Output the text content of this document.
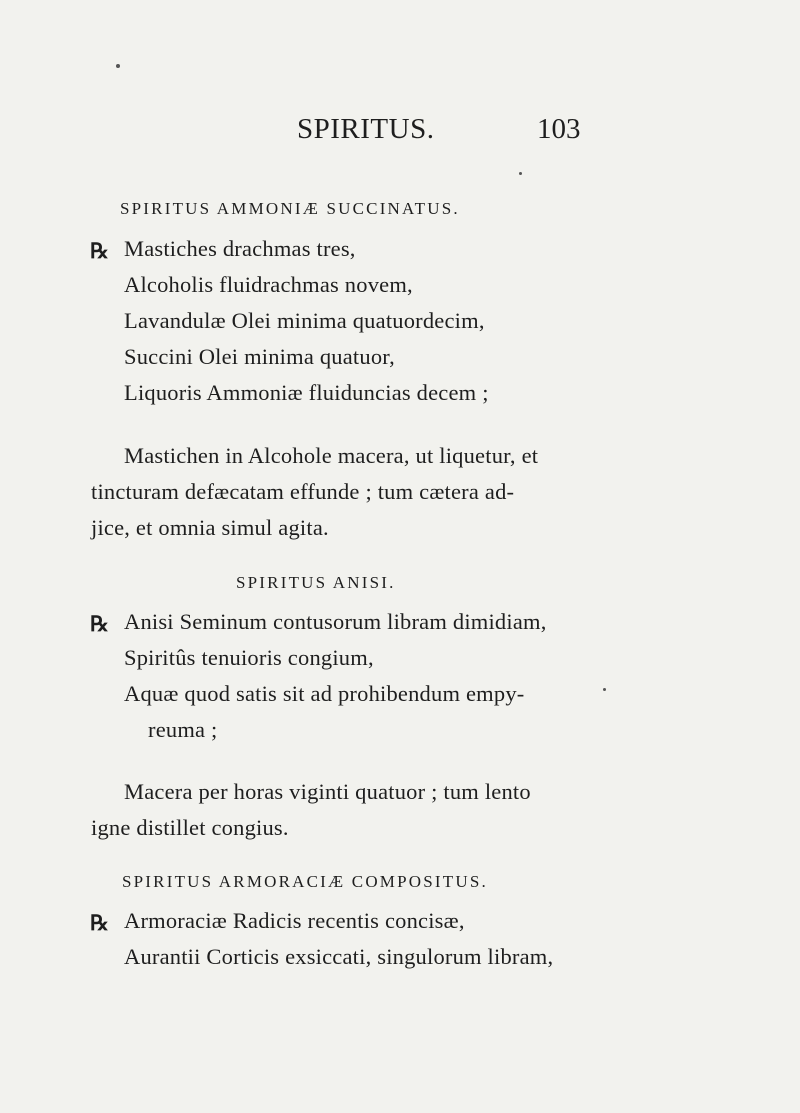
SPIRITUS.	103
SPIRITUS AMMONIÆ SUCCINATUS.
℞ Mastiches drachmas tres,
Alcoholis fluidrachmas novem,
Lavandulæ Olei minima quatuordecim,
Succini Olei minima quatuor,
Liquoris Ammoniæ fluiduncias decem ;
Mastichen in Alcohole macera, ut liquetur, et
tincturam defæcatam effunde ; tum cætera ad-
jice, et omnia simul agita.
SPIRITUS ANISI.
℞ Anisi Seminum contusorum libram dimidiam,
Spiritûs tenuioris congium,
Aquæ quod satis sit ad prohibendum empy-
reuma ;
Macera per horas viginti quatuor ; tum lento
igne distillet congius.
SPIRITUS ARMORACIÆ COMPOSITUS.
℞ Armoraciæ Radicis recentis concisæ,
Aurantii Corticis exsiccati, singulorum libram,
